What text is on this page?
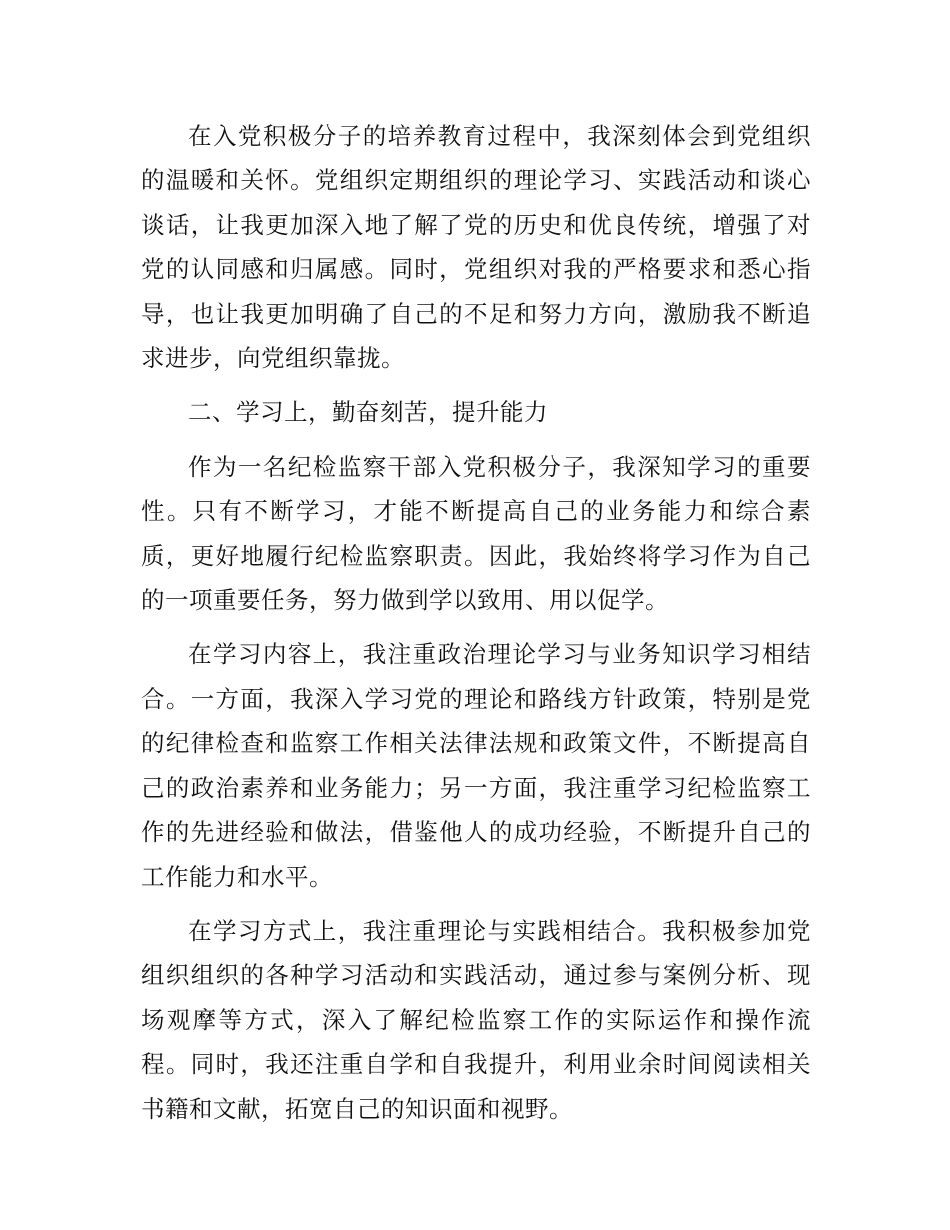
在入党积极分子的培养教育过程中，我深刻体会到党组织的温暖和关怀。党组织定期组织的理论学习、实践活动和谈心谈话，让我更加深入地了解了党的历史和优良传统，增强了对党的认同感和归属感。同时，党组织对我的严格要求和悉心指导，也让我更加明确了自己的不足和努力方向，激励我不断追求进步，向党组织靠拢。

二、学习上，勤奋刻苦，提升能力

作为一名纪检监察干部入党积极分子，我深知学习的重要性。只有不断学习，才能不断提高自己的业务能力和综合素质，更好地履行纪检监察职责。因此，我始终将学习作为自己的一项重要任务，努力做到学以致用、用以促学。

在学习内容上，我注重政治理论学习与业务知识学习相结合。一方面，我深入学习党的理论和路线方针政策，特别是党的纪律检查和监察工作相关法律法规和政策文件，不断提高自己的政治素养和业务能力；另一方面，我注重学习纪检监察工作的先进经验和做法，借鉴他人的成功经验，不断提升自己的工作能力和水平。

在学习方式上，我注重理论与实践相结合。我积极参加党组织组织的各种学习活动和实践活动，通过参与案例分析、现场观摩等方式，深入了解纪检监察工作的实际运作和操作流程。同时，我还注重自学和自我提升，利用业余时间阅读相关书籍和文献，拓宽自己的知识面和视野。
